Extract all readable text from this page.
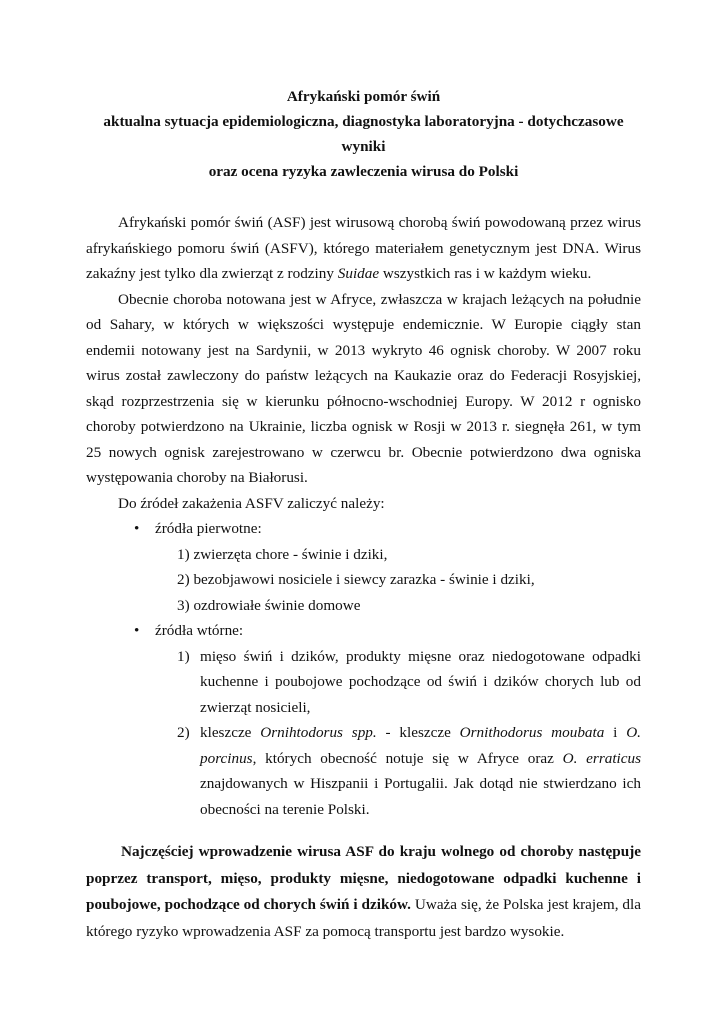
Afrykański pomór świń

aktualna sytuacja epidemiologiczna, diagnostyka laboratoryjna - dotychczasowe wyniki

oraz ocena ryzyka zawleczenia wirusa do Polski

Afrykański pomór świń (ASF) jest wirusową chorobą świń powodowaną przez wirus afrykańskiego pomoru świń (ASFV), którego materiałem genetycznym jest DNA. Wirus zakaźny jest tylko dla zwierząt z rodziny Suidae wszystkich ras i w każdym wieku.

Obecnie choroba notowana jest w Afryce, zwłaszcza w krajach leżących na południe od Sahary, w których w większości występuje endemicznie. W Europie ciągły stan endemii notowany jest na Sardynii, w 2013 wykryto 46 ognisk choroby. W 2007 roku wirus został zawleczony do państw leżących na Kaukazie oraz do Federacji Rosyjskiej, skąd rozprzestrzenia się w kierunku północno-wschodniej Europy. W 2012 r ognisko choroby potwierdzono na Ukrainie, liczba ognisk w Rosji w 2013 r. siegnęła 261, w tym 25 nowych ognisk zarejestrowano w czerwcu br. Obecnie potwierdzono dwa ogniska występowania choroby na Białorusi.

Do źródeł zakażenia ASFV zaliczyć należy:

• źródła pierwotne:

1) zwierzęta chore - świnie i dziki,

2) bezobjawowi nosiciele i siewcy zarazka - świnie i dziki,

3) ozdrowiałe świnie domowe

• źródła wtórne:

1) mięso świń i dzików, produkty mięsne oraz niedogotowane odpadki kuchenne i poubojowe pochodzące od świń i dzików chorych lub od zwierząt nosicieli,

2) kleszcze Ornihtodorus spp. - kleszcze Ornithodorus moubata i O. porcinus, których obecność notuje się w Afryce oraz O. erraticus znajdowanych w Hiszpanii i Portugalii. Jak dotąd nie stwierdzano ich obecności na terenie Polski.

Najczęściej wprowadzenie wirusa ASF do kraju wolnego od choroby następuje poprzez transport, mięso, produkty mięsne, niedogotowane odpadki kuchenne i poubojowe, pochodzące od chorych świń i dzików. Uważa się, że Polska jest krajem, dla którego ryzyko wprowadzenia ASF za pomocą transportu jest bardzo wysokie.
